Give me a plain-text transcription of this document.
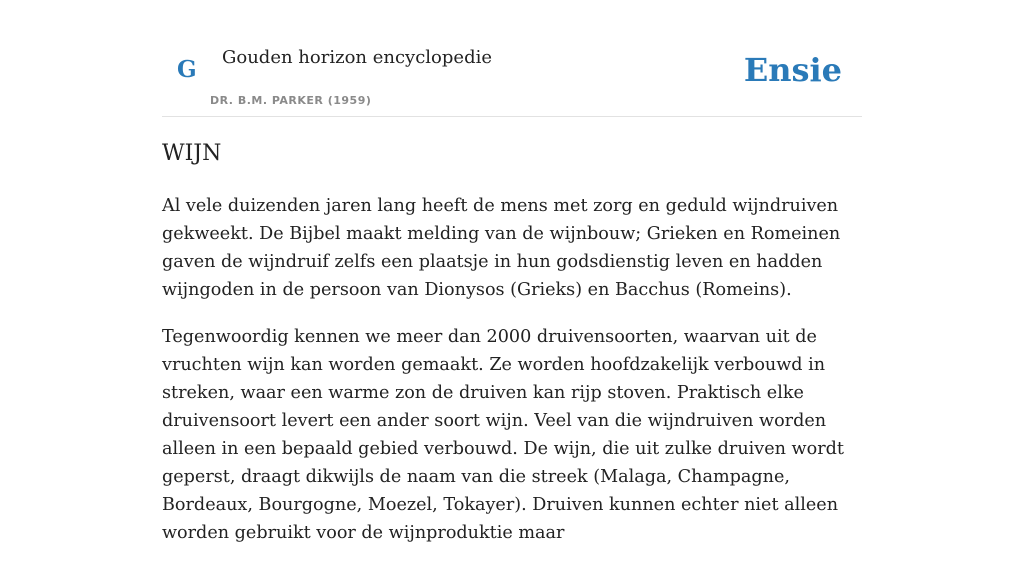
G Gouden horizon encyclopedie
DR. B.M. PARKER (1959)
Ensie
WIJN

Al vele duizenden jaren lang heeft de mens met zorg en geduld wijndruiven gekweekt. De Bijbel maakt melding van de wijnbouw; Grieken en Romeinen gaven de wijndruif zelfs een plaatsje in hun godsdienstig leven en hadden wijngoden in de persoon van Dionysos (Grieks) en Bacchus (Romeins).

Tegenwoordig kennen we meer dan 2000 druivensoorten, waarvan uit de vruchten wijn kan worden gemaakt. Ze worden hoofdzakelijk verbouwd in streken, waar een warme zon de druiven kan rijp stoven. Praktisch elke druivensoort levert een ander soort wijn. Veel van die wijndruiven worden alleen in een bepaald gebied verbouwd. De wijn, die uit zulke druiven wordt geperst, draagt dikwijls de naam van die streek (Malaga, Champagne, Bordeaux, Bourgogne, Moezel, Tokayer). Druiven kunnen echter niet alleen worden gebruikt voor de wijnproduktie maar
